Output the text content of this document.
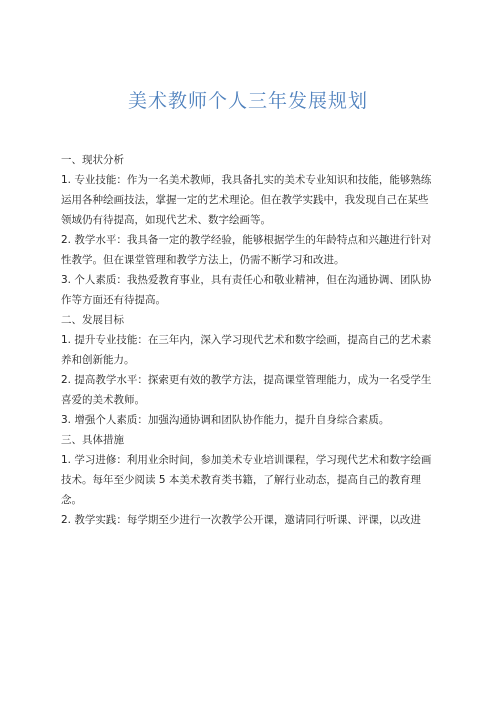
美术教师个人三年发展规划
一、现状分析
1. 专业技能：作为一名美术教师，我具备扎实的美术专业知识和技能，能够熟练运用各种绘画技法，掌握一定的艺术理论。但在教学实践中，我发现自己在某些领域仍有待提高，如现代艺术、数字绘画等。
2. 教学水平：我具备一定的教学经验，能够根据学生的年龄特点和兴趣进行针对性教学。但在课堂管理和教学方法上，仍需不断学习和改进。
3. 个人素质：我热爱教育事业，具有责任心和敬业精神，但在沟通协调、团队协作等方面还有待提高。
二、发展目标
1. 提升专业技能：在三年内，深入学习现代艺术和数字绘画，提高自己的艺术素养和创新能力。
2. 提高教学水平：探索更有效的教学方法，提高课堂管理能力，成为一名受学生喜爱的美术教师。
3. 增强个人素质：加强沟通协调和团队协作能力，提升自身综合素质。
三、具体措施
1. 学习进修：利用业余时间，参加美术专业培训课程，学习现代艺术和数字绘画技术。每年至少阅读 5 本美术教育类书籍，了解行业动态，提高自己的教育理念。
2. 教学实践：每学期至少进行一次教学公开课，邀请同行听课、评课，以改进
